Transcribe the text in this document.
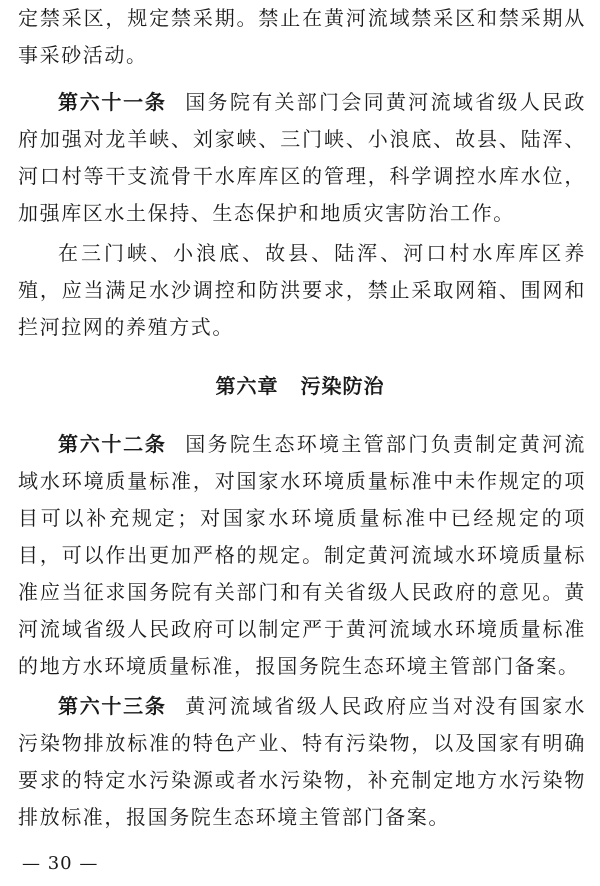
定禁采区，规定禁采期。禁止在黄河流域禁采区和禁采期从事采砂活动。

第六十一条 国务院有关部门会同黄河流域省级人民政府加强对龙羊峡、刘家峡、三门峡、小浪底、故县、陆浑、河口村等干支流骨干水库库区的管理，科学调控水库水位，加强库区水土保持、生态保护和地质灾害防治工作。

在三门峡、小浪底、故县、陆浑、河口村水库库区养殖，应当满足水沙调控和防洪要求，禁止采取网箱、围网和拦河拉网的养殖方式。

第六章 污染防治

第六十二条 国务院生态环境主管部门负责制定黄河流域水环境质量标准，对国家水环境质量标准中未作规定的项目可以补充规定；对国家水环境质量标准中已经规定的项目，可以作出更加严格的规定。制定黄河流域水环境质量标准应当征求国务院有关部门和有关省级人民政府的意见。黄河流域省级人民政府可以制定严于黄河流域水环境质量标准的地方水环境质量标准，报国务院生态环境主管部门备案。

第六十三条 黄河流域省级人民政府应当对没有国家水污染物排放标准的特色产业、特有污染物，以及国家有明确要求的特定水污染源或者水污染物，补充制定地方水污染物排放标准，报国务院生态环境主管部门备案。

— 30 —
